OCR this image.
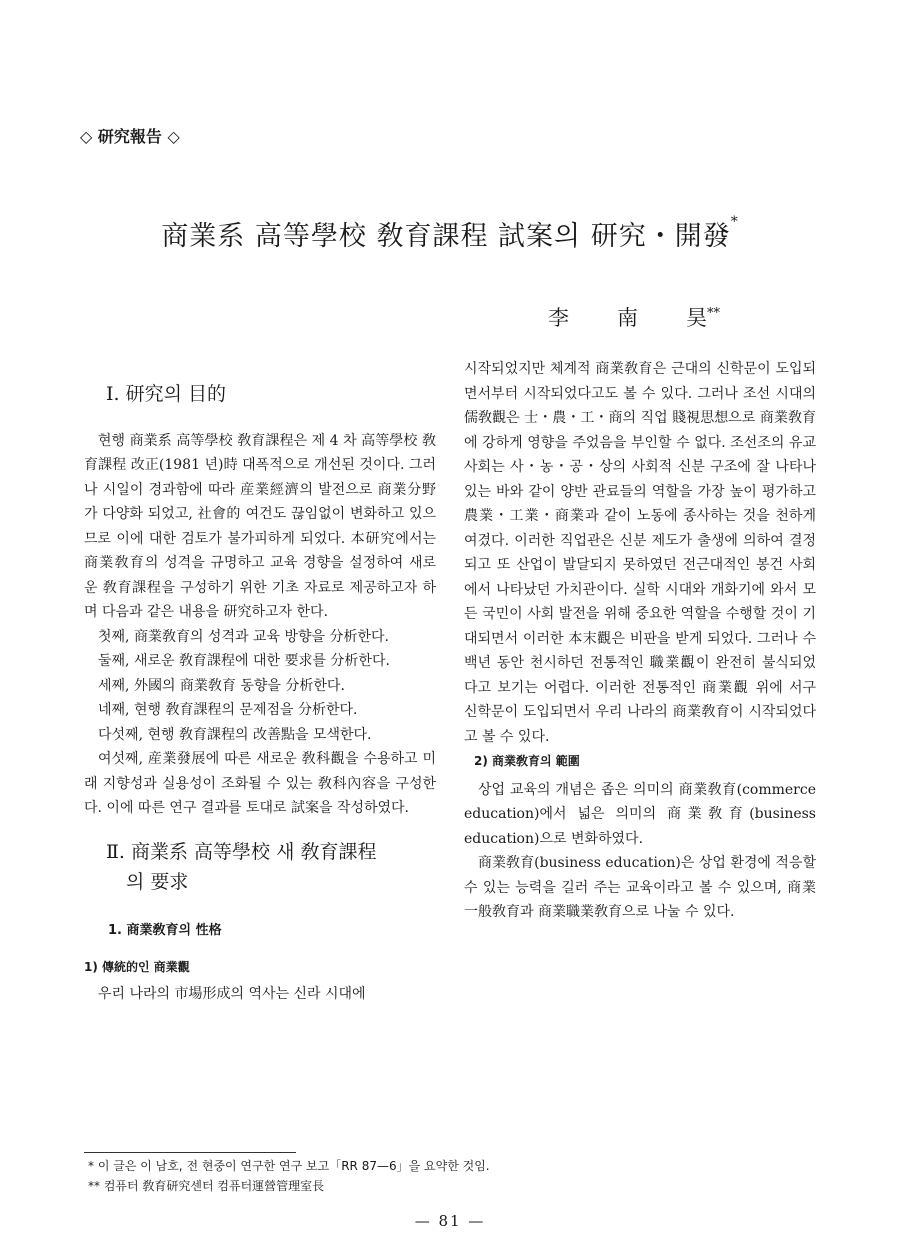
◇ 研究報告 ◇
商業系 高等學校 敎育課程 試案의 研究・開發*
李 南 昊**
Ⅰ. 研究의 目的

현행 商業系 高等學校 敎育課程은 제 4 차 高等學校 敎育課程 改正(1981 년)時 대폭적으로 개선된 것이다. 그러나 시일이 경과함에 따라 産業經濟의 발전으로 商業分野가 다양화 되었고, 社會的 여건도 끊임없이 변화하고 있으므로 이에 대한 검토가 불가피하게 되었다. 本研究에서는 商業敎育의 성격을 규명하고 교육 경향을 설정하여 새로운 敎育課程을 구성하기 위한 기초 자료로 제공하고자 하며 다음과 같은 내용을 研究하고자 한다.

첫째, 商業敎育의 성격과 교육 방향을 分析한다.

둘째, 새로운 敎育課程에 대한 要求를 分析한다.

세째, 外國의 商業敎育 동향을 分析한다.

네째, 현행 敎育課程의 문제점을 分析한다.

다섯째, 현행 敎育課程의 改善點을 모색한다.

여섯째, 産業發展에 따른 새로운 敎科觀을 수용하고 미래 지향성과 실용성이 조화될 수 있는 敎科內容을 구성한다. 이에 따른 연구 결과를 토대로 試案을 작성하였다.

Ⅱ. 商業系 高等學校 새 敎育課程
의 要求
1. 商業敎育의 性格
1) 傳統的인 商業觀

우리 나라의 市場形成의 역사는 신라 시대에

시작되었지만 체계적 商業敎育은 근대의 신학문이 도입되면서부터 시작되었다고도 볼 수 있다. 그러나 조선 시대의 儒敎觀은 士・農・工・商의 직업 賤視思想으로 商業敎育에 강하게 영향을 주었음을 부인할 수 없다. 조선조의 유교 사회는 사・농・공・상의 사회적 신분 구조에 잘 나타나 있는 바와 같이 양반 관료들의 역할을 가장 높이 평가하고 農業・工業・商業과 같이 노동에 종사하는 것을 천하게 여겼다. 이러한 직업관은 신분 제도가 출생에 의하여 결정되고 또 산업이 발달되지 못하였던 전근대적인 봉건 사회에서 나타났던 가치관이다. 실학 시대와 개화기에 와서 모든 국민이 사회 발전을 위해 중요한 역할을 수행할 것이 기대되면서 이러한 本末觀은 비판을 받게 되었다. 그러나 수백년 동안 천시하던 전통적인 職業觀이 완전히 불식되었다고 보기는 어렵다. 이러한 전통적인 商業觀 위에 서구 신학문이 도입되면서 우리 나라의 商業敎育이 시작되었다고 볼 수 있다.

2) 商業敎育의 範圍

상업 교육의 개념은 좁은 의미의 商業敎育(commerce education)에서 넓은 의미의 商業敎育(business education)으로 변화하였다.

商業敎育(business education)은 상업 환경에 적응할 수 있는 능력을 길러 주는 교육이라고 볼 수 있으며, 商業一般敎育과 商業職業敎育으로 나눌 수 있다.

* 이 글은 이 남호, 전 현중이 연구한 연구 보고「RR 87—6」을 요약한 것임.
** 컴퓨터 敎育研究센터 컴퓨터運營管理室長
— 81 —
